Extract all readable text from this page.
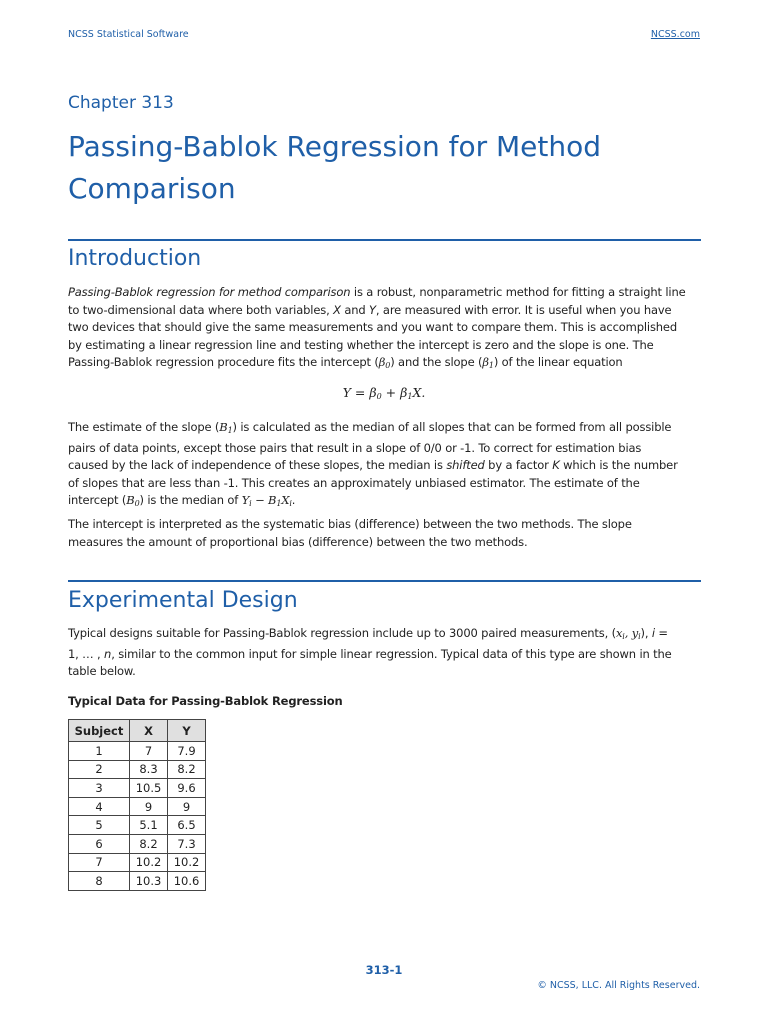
NCSS Statistical Software	NCSS.com
Chapter 313
Passing-Bablok Regression for Method
Comparison
Introduction
Passing-Bablok regression for method comparison is a robust, nonparametric method for fitting a straight line
to two-dimensional data where both variables, X and Y, are measured with error. It is useful when you have
two devices that should give the same measurements and you want to compare them. This is accomplished
by estimating a linear regression line and testing whether the intercept is zero and the slope is one. The
Passing-Bablok regression procedure fits the intercept $(\beta_0)$ and the slope $(\beta_1)$ of the linear equation
$Y = \beta_0 + \beta_1X$.
The estimate of the slope $(B_1)$ is calculated as the median of all slopes that can be formed from all possible
pairs of data points, except those pairs that result in a slope of 0/0 or -1. To correct for estimation bias
caused by the lack of independence of these slopes, the median is shifted by a factor K which is the number
of slopes that are less than -1. This creates an approximately unbiased estimator. The estimate of the
intercept $(B_0)$ is the median of $Y_i - B_1X_i$.
The intercept is interpreted as the systematic bias (difference) between the two methods. The slope
measures the amount of proportional bias (difference) between the two methods.
Experimental Design
Typical designs suitable for Passing-Bablok regression include up to 3000 paired measurements, ($x_i$, $y_i$), i =
1, … , n, similar to the common input for simple linear regression. Typical data of this type are shown in the
table below.
Typical Data for Passing-Bablok Regression
Subject	X	Y
1	7	7.9
2	8.3	8.2
3	10.5	9.6
4	9	9
5	5.1	6.5
6	8.2	7.3
7	10.2	10.2
8	10.3	10.6
313-1
© NCSS, LLC. All Rights Reserved.
